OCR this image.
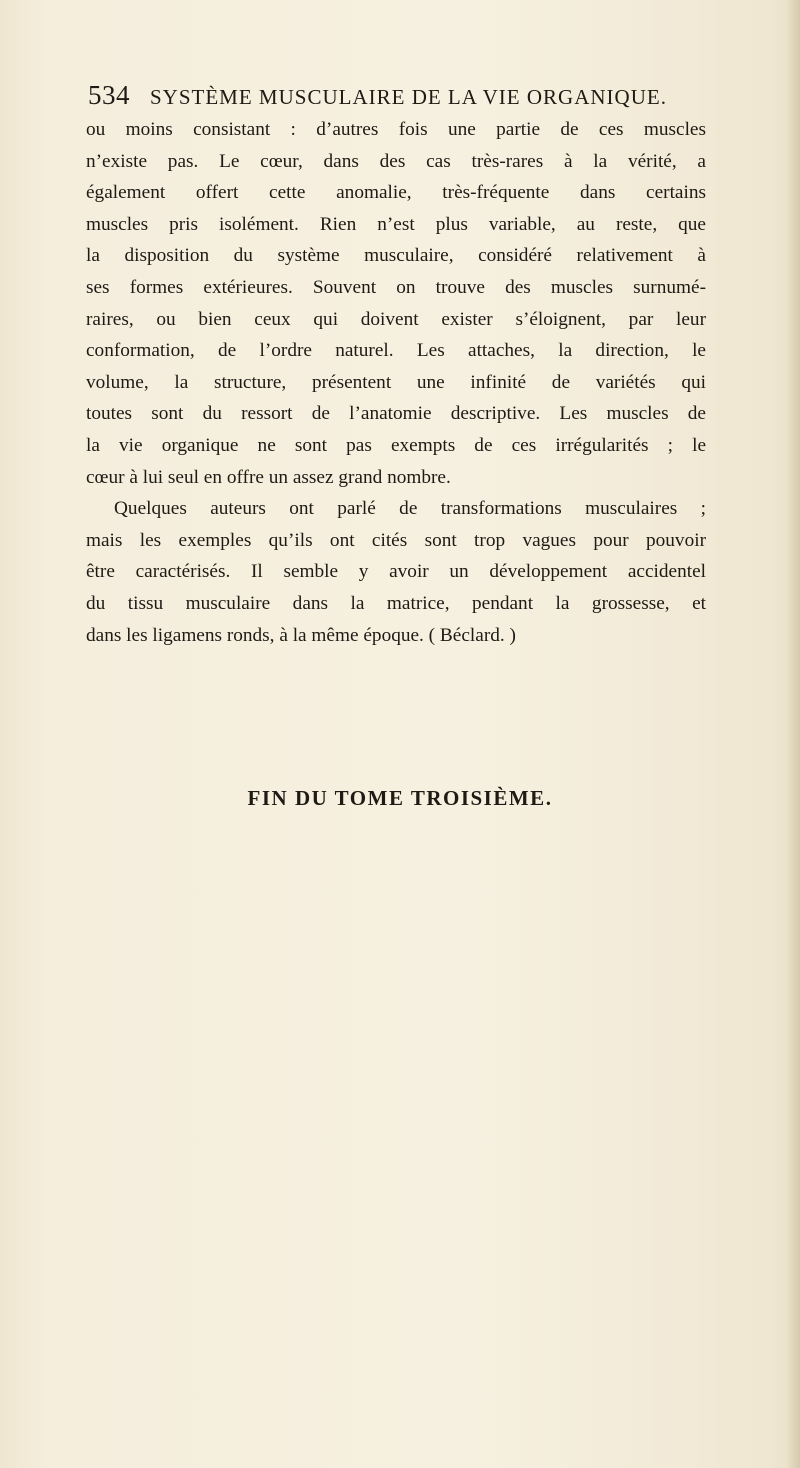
534 SYSTÈME MUSCULAIRE DE LA VIE ORGANIQUE.
ou moins consistant : d’autres fois une partie de ces muscles
n’existe pas. Le cœur, dans des cas très-rares à la vérité, a
également offert cette anomalie, très-fréquente dans certains
muscles pris isolément. Rien n’est plus variable, au reste, que
la disposition du système musculaire, considéré relativement à
ses formes extérieures. Souvent on trouve des muscles surnumé-
raires, ou bien ceux qui doivent exister s’éloignent, par leur
conformation, de l’ordre naturel. Les attaches, la direction, le
volume, la structure, présentent une infinité de variétés qui
toutes sont du ressort de l’anatomie descriptive. Les muscles de
la vie organique ne sont pas exempts de ces irrégularités ; le
cœur à lui seul en offre un assez grand nombre.
Quelques auteurs ont parlé de transformations musculaires ;
mais les exemples qu’ils ont cités sont trop vagues pour pouvoir
être caractérisés. Il semble y avoir un développement accidentel
du tissu musculaire dans la matrice, pendant la grossesse, et
dans les ligamens ronds, à la même époque. ( Béclard. )
FIN DU TOME TROISIÈME.
